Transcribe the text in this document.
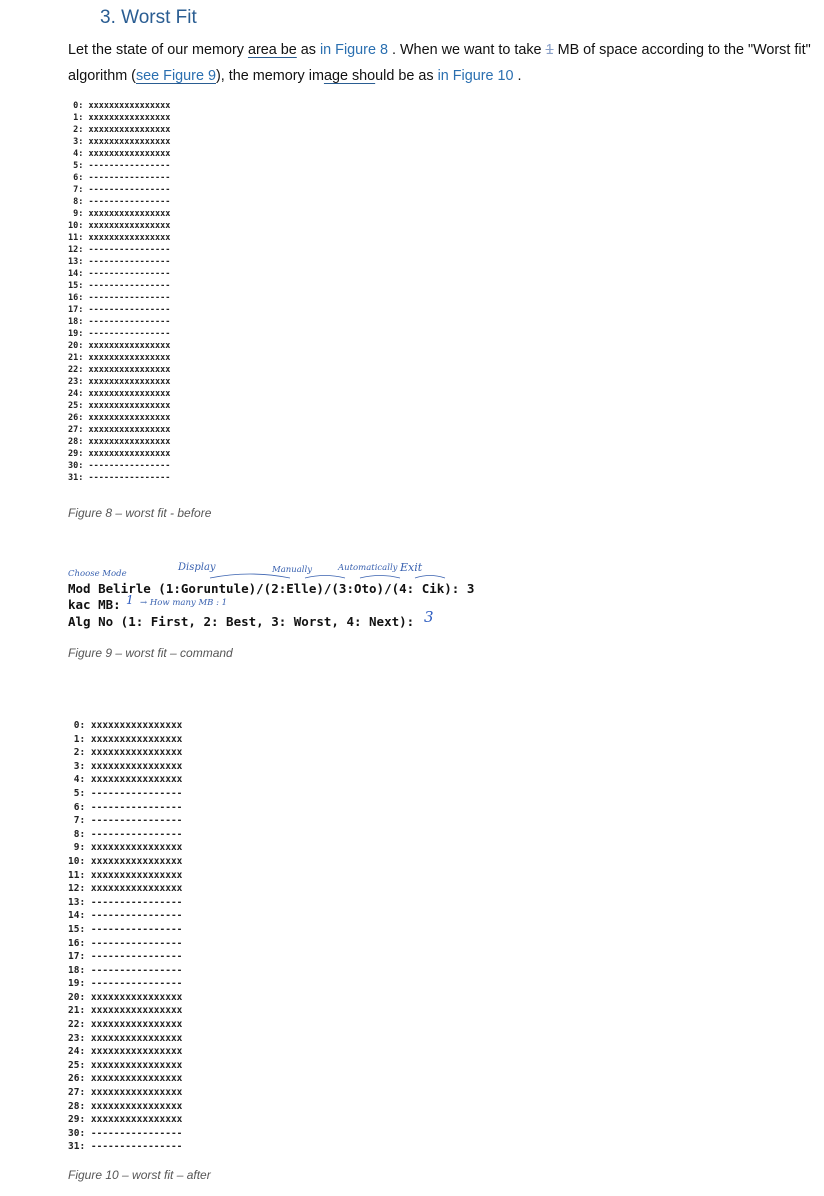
3. Worst Fit
Let the state of our memory area be as in Figure 8 . When we want to take 1 MB of space according to the "Worst fit" algorithm (see Figure 9), the memory image should be as in Figure 10 .
0: xxxxxxxxxxxxxxxx
1: xxxxxxxxxxxxxxxx
2: xxxxxxxxxxxxxxxx
3: xxxxxxxxxxxxxxxx
4: xxxxxxxxxxxxxxxx
5: ----------------
6: ----------------
7: ----------------
8: ----------------
9: xxxxxxxxxxxxxxxx
10: xxxxxxxxxxxxxxxx
11: xxxxxxxxxxxxxxxx
12: ----------------
13: ----------------
14: ----------------
15: ----------------
16: ----------------
17: ----------------
18: ----------------
19: ----------------
20: xxxxxxxxxxxxxxxx
21: xxxxxxxxxxxxxxxx
22: xxxxxxxxxxxxxxxx
23: xxxxxxxxxxxxxxxx
24: xxxxxxxxxxxxxxxx
25: xxxxxxxxxxxxxxxx
26: xxxxxxxxxxxxxxxx
27: xxxxxxxxxxxxxxxx
28: xxxxxxxxxxxxxxxx
29: xxxxxxxxxxxxxxxx
30: ----------------
31: ----------------
Figure 8 – worst fit - before
Choose Mode
Display	Manually	Automatically Exit
Mod Belirle (1:Goruntule)/(2:Elle)/(3:Oto)/(4: Cik): 3
kac MB:
1 → How many MB : 1
Alg No (1: First, 2: Best, 3: Worst, 4: Next): 3
Figure 9 – worst fit – command
0: xxxxxxxxxxxxxxxx
1: xxxxxxxxxxxxxxxx
2: xxxxxxxxxxxxxxxx
3: xxxxxxxxxxxxxxxx
4: xxxxxxxxxxxxxxxx
5: ----------------
6: ----------------
7: ----------------
8: ----------------
9: xxxxxxxxxxxxxxxx
10: xxxxxxxxxxxxxxxx
11: xxxxxxxxxxxxxxxx
12: xxxxxxxxxxxxxxxx
13: ----------------
14: ----------------
15: ----------------
16: ----------------
17: ----------------
18: ----------------
19: ----------------
20: xxxxxxxxxxxxxxxx
21: xxxxxxxxxxxxxxxx
22: xxxxxxxxxxxxxxxx
23: xxxxxxxxxxxxxxxx
24: xxxxxxxxxxxxxxxx
25: xxxxxxxxxxxxxxxx
26: xxxxxxxxxxxxxxxx
27: xxxxxxxxxxxxxxxx
28: xxxxxxxxxxxxxxxx
29: xxxxxxxxxxxxxxxx
30: ----------------
31: ----------------
Figure 10 – worst fit – after
